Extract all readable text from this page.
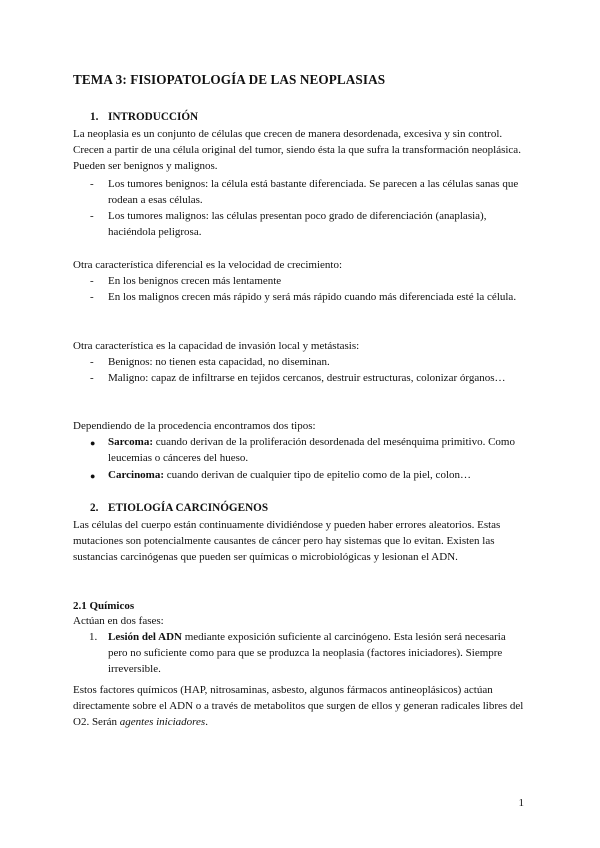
TEMA 3: FISIOPATOLOGÍA DE LAS NEOPLASIAS
1. INTRODUCCIÓN
La neoplasia es un conjunto de células que crecen de manera desordenada, excesiva y sin control. Crecen a partir de una célula original del tumor, siendo ésta la que sufra la transformación neoplásica. Pueden ser benignos y malignos.
-	Los tumores benignos: la célula está bastante diferenciada. Se parecen a las células sanas que rodean a esas células.
-	Los tumores malignos: las células presentan poco grado de diferenciación (anaplasia), haciéndola peligrosa.
Otra característica diferencial es la velocidad de crecimiento:
-	En los benignos crecen más lentamente
-	En los malignos crecen más rápido y será más rápido cuando más diferenciada esté la célula.
Otra característica es la capacidad de invasión local y metástasis:
-	Benignos: no tienen esta capacidad, no diseminan.
-	Maligno: capaz de infiltrarse en tejidos cercanos, destruir estructuras, colonizar órganos…
Dependiendo de la procedencia encontramos dos tipos:
●	Sarcoma: cuando derivan de la proliferación desordenada del mesénquima primitivo. Como leucemias o cánceres del hueso.
●	Carcinoma: cuando derivan de cualquier tipo de epitelio como de la piel, colon…
2. ETIOLOGÍA CARCINÓGENOS
Las células del cuerpo están continuamente dividiéndose y pueden haber errores aleatorios. Estas mutaciones son potencialmente causantes de cáncer pero hay sistemas que lo evitan. Existen las sustancias carcinógenas que pueden ser químicas o microbiológicas y lesionan el ADN.
2.1 Químicos
Actúan en dos fases:
1. Lesión del ADN mediante exposición suficiente al carcinógeno. Esta lesión será necesaria pero no suficiente como para que se produzca la neoplasia (factores iniciadores). Siempre irreversible.
Estos factores químicos (HAP, nitrosaminas, asbesto, algunos fármacos antineoplásicos) actúan directamente sobre el ADN o a través de metabolitos que surgen de ellos y generan radicales libres del O2. Serán agentes iniciadores.
1
